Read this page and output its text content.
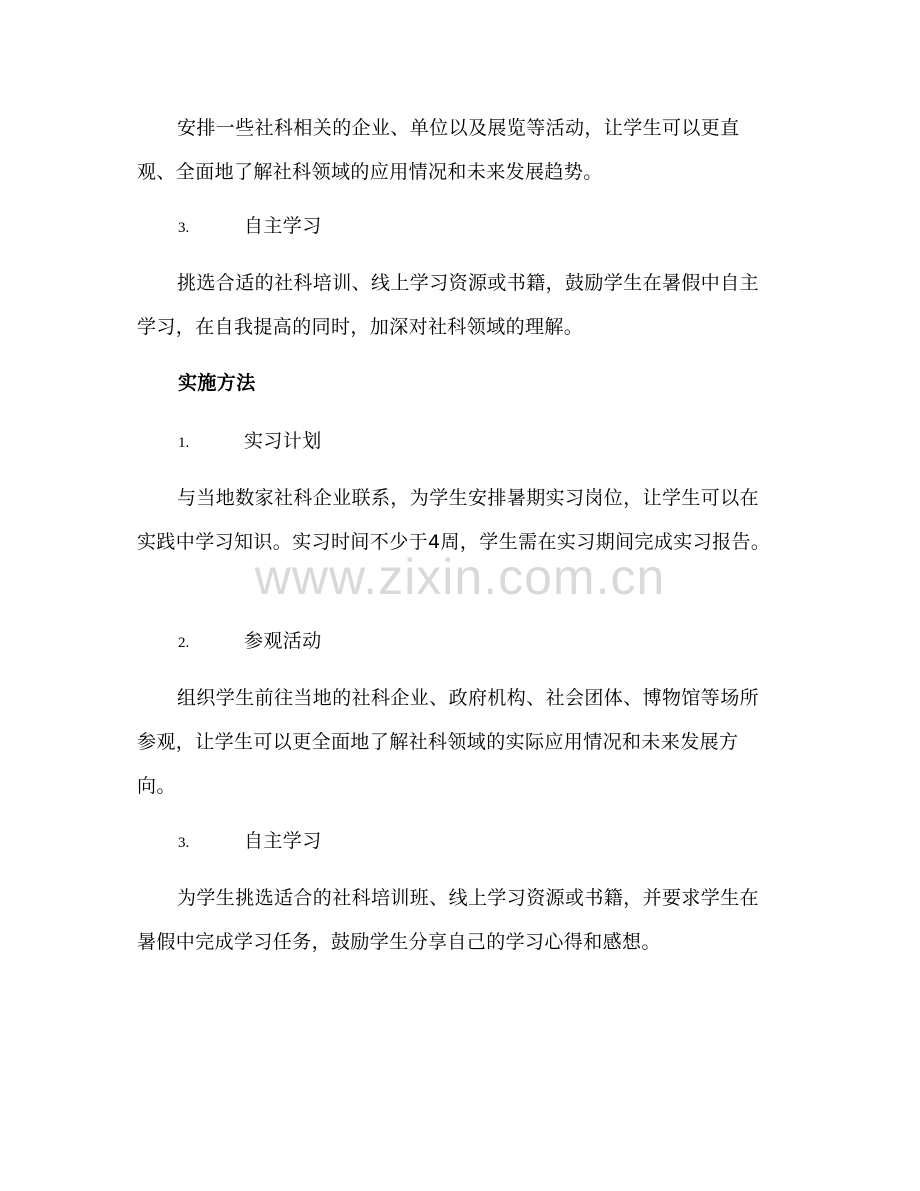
安排一些社科相关的企业、单位以及展览等活动，让学生可以更直观、全面地了解社科领域的应用情况和未来发展趋势。

3.	自主学习

挑选合适的社科培训、线上学习资源或书籍，鼓励学生在暑假中自主学习，在自我提高的同时，加深对社科领域的理解。

实施方法
1.	实习计划

与当地数家社科企业联系，为学生安排暑期实习岗位，让学生可以在实践中学习知识。实习时间不少于4周，学生需在实习期间完成实习报告。

2.	参观活动

组织学生前往当地的社科企业、政府机构、社会团体、博物馆等场所参观，让学生可以更全面地了解社科领域的实际应用情况和未来发展方向。

3.	自主学习

为学生挑选适合的社科培训班、线上学习资源或书籍，并要求学生在暑假中完成学习任务，鼓励学生分享自己的学习心得和感想。

www.zixin.com.cn
